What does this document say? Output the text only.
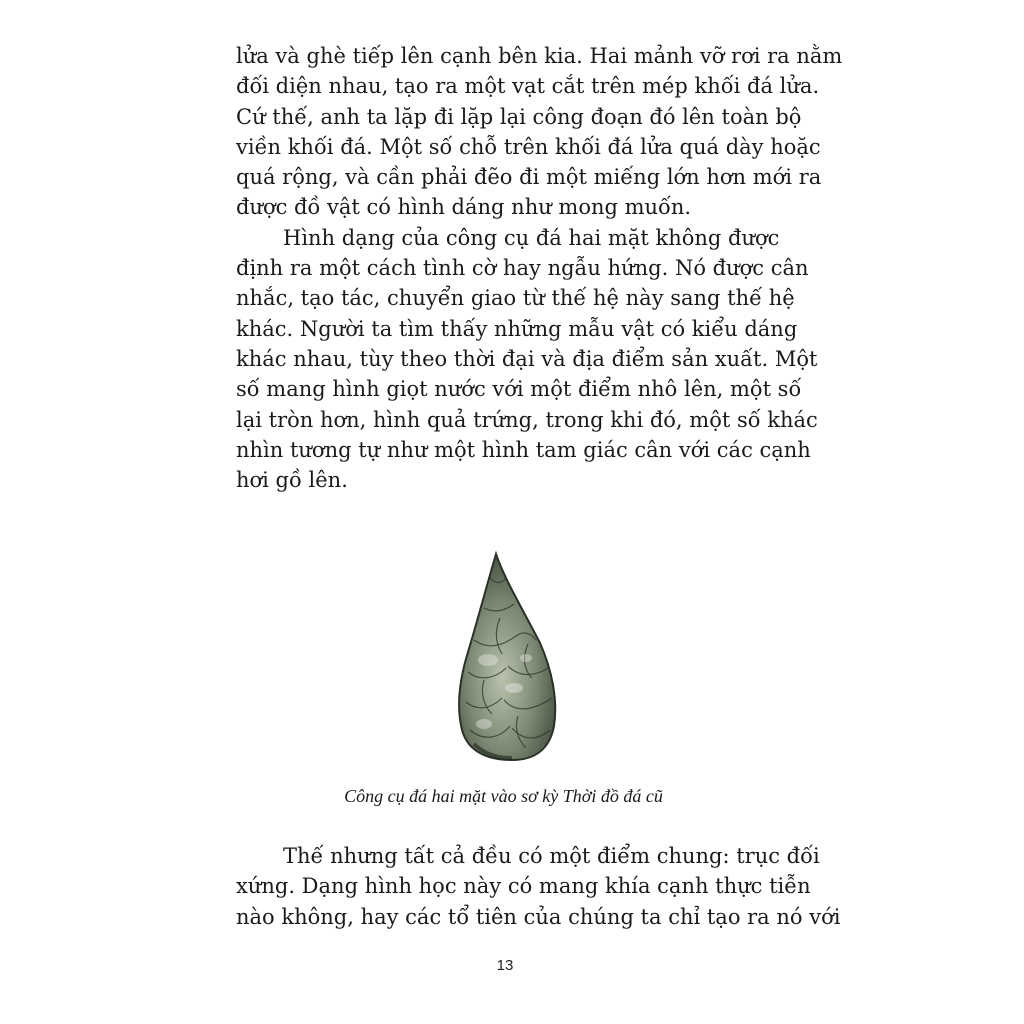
lửa và ghè tiếp lên cạnh bên kia. Hai mảnh vỡ rơi ra nằm
đối diện nhau, tạo ra một vạt cắt trên mép khối đá lửa.
Cứ thế, anh ta lặp đi lặp lại công đoạn đó lên toàn bộ
viền khối đá. Một số chỗ trên khối đá lửa quá dày hoặc
quá rộng, và cần phải đẽo đi một miếng lớn hơn mới ra
được đồ vật có hình dáng như mong muốn.

Hình dạng của công cụ đá hai mặt không được
định ra một cách tình cờ hay ngẫu hứng. Nó được cân
nhắc, tạo tác, chuyển giao từ thế hệ này sang thế hệ
khác. Người ta tìm thấy những mẫu vật có kiểu dáng
khác nhau, tùy theo thời đại và địa điểm sản xuất. Một
số mang hình giọt nước với một điểm nhô lên, một số
lại tròn hơn, hình quả trứng, trong khi đó, một số khác
nhìn tương tự như một hình tam giác cân với các cạnh
hơi gồ lên.

Công cụ đá hai mặt vào sơ kỳ Thời đồ đá cũ

Thế nhưng tất cả đều có một điểm chung: trục đối
xứng. Dạng hình học này có mang khía cạnh thực tiễn
nào không, hay các tổ tiên của chúng ta chỉ tạo ra nó với

13
